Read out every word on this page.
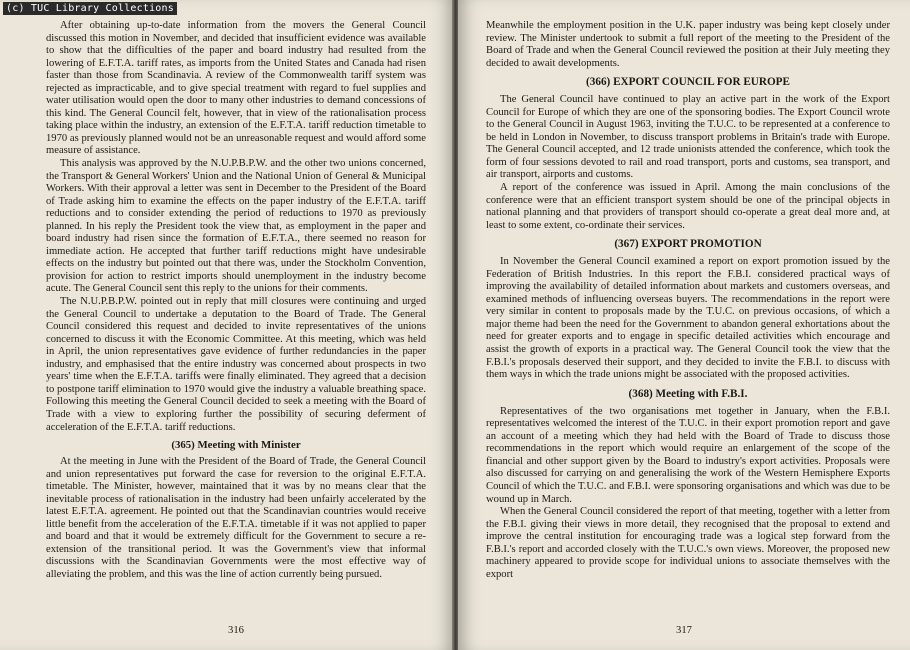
(c) TUC Library Collections

After obtaining up-to-date information from the movers the General Council discussed this motion in November, and decided that insufficient evidence was available to show that the difficulties of the paper and board industry had resulted from the lowering of E.F.T.A. tariff rates, as imports from the United States and Canada had risen faster than those from Scandinavia. A review of the Commonwealth tariff system was rejected as impracticable, and to give special treatment with regard to fuel supplies and water utilisation would open the door to many other industries to demand concessions of this kind. The General Council felt, however, that in view of the rationalisation process taking place within the industry, an extension of the E.F.T.A. tariff reduction timetable to 1970 as previously planned would not be an unreasonable request and would afford some measure of assistance.

This analysis was approved by the N.U.P.B.P.W. and the other two unions concerned, the Transport & General Workers' Union and the National Union of General & Municipal Workers. With their approval a letter was sent in December to the President of the Board of Trade asking him to examine the effects on the paper industry of the E.F.T.A. tariff reductions and to consider extending the period of reductions to 1970 as previously planned. In his reply the President took the view that, as employment in the paper and board industry had risen since the formation of E.F.T.A., there seemed no reason for immediate action. He accepted that further tariff reductions might have undesirable effects on the industry but pointed out that there was, under the Stockholm Convention, provision for action to restrict imports should unemployment in the industry become acute. The General Council sent this reply to the unions for their comments.

The N.U.P.B.P.W. pointed out in reply that mill closures were continuing and urged the General Council to undertake a deputation to the Board of Trade. The General Council considered this request and decided to invite representatives of the unions concerned to discuss it with the Economic Committee. At this meeting, which was held in April, the union representatives gave evidence of further redundancies in the paper industry, and emphasised that the entire industry was concerned about prospects in two years' time when the E.F.T.A. tariffs were finally eliminated. They agreed that a decision to postpone tariff elimination to 1970 would give the industry a valuable breathing space. Following this meeting the General Council decided to seek a meeting with the Board of Trade with a view to exploring further the possibility of securing deferment of acceleration of the E.F.T.A. tariff reductions.

(365) Meeting with Minister

At the meeting in June with the President of the Board of Trade, the General Council and union representatives put forward the case for reversion to the original E.F.T.A. timetable. The Minister, however, maintained that it was by no means clear that the inevitable process of rationalisation in the industry had been unfairly accelerated by the latest E.F.T.A. agreement. He pointed out that the Scandinavian countries would receive little benefit from the acceleration of the E.F.T.A. timetable if it was not applied to paper and board and that it would be extremely difficult for the Government to secure a re-extension of the transitional period. It was the Government's view that informal discussions with the Scandinavian Governments were the most effective way of alleviating the problem, and this was the line of action currently being pursued.

316

Meanwhile the employment position in the U.K. paper industry was being kept closely under review. The Minister undertook to submit a full report of the meeting to the President of the Board of Trade and when the General Council reviewed the position at their July meeting they decided to await developments.

(366) EXPORT COUNCIL FOR EUROPE

The General Council have continued to play an active part in the work of the Export Council for Europe of which they are one of the sponsoring bodies. The Export Council wrote to the General Council in August 1963, inviting the T.U.C. to be represented at a conference to be held in London in November, to discuss transport problems in Britain's trade with Europe. The General Council accepted, and 12 trade unionists attended the conference, which took the form of four sessions devoted to rail and road transport, ports and customs, sea transport, and air transport, airports and customs.

A report of the conference was issued in April. Among the main conclusions of the conference were that an efficient transport system should be one of the principal objects in national planning and that providers of transport should co-operate a great deal more and, at least to some extent, co-ordinate their services.

(367) EXPORT PROMOTION

In November the General Council examined a report on export promotion issued by the Federation of British Industries. In this report the F.B.I. considered practical ways of improving the availability of detailed information about markets and customers overseas, and examined methods of influencing overseas buyers. The recommendations in the report were very similar in content to proposals made by the T.U.C. on previous occasions, of which a major theme had been the need for the Government to abandon general exhortations about the need for greater exports and to engage in specific detailed activities which encourage and assist the growth of exports in a practical way. The General Council took the view that the F.B.I.'s proposals deserved their support, and they decided to invite the F.B.I. to discuss with them ways in which the trade unions might be associated with the proposed activities.

(368) Meeting with F.B.I.

Representatives of the two organisations met together in January, when the F.B.I. representatives welcomed the interest of the T.U.C. in their export promotion report and gave an account of a meeting which they had held with the Board of Trade to discuss those recommendations in the report which would require an enlargement of the scope of the financial and other support given by the Board to industry's export activities. Proposals were also discussed for carrying on and generalising the work of the Western Hemisphere Exports Council of which the T.U.C. and F.B.I. were sponsoring organisations and which was due to be wound up in March.

When the General Council considered the report of that meeting, together with a letter from the F.B.I. giving their views in more detail, they recognised that the proposal to extend and improve the central institution for encouraging trade was a logical step forward from the F.B.I.'s report and accorded closely with the T.U.C.'s own views. Moreover, the proposed new machinery appeared to provide scope for individual unions to associate themselves with the export

317
